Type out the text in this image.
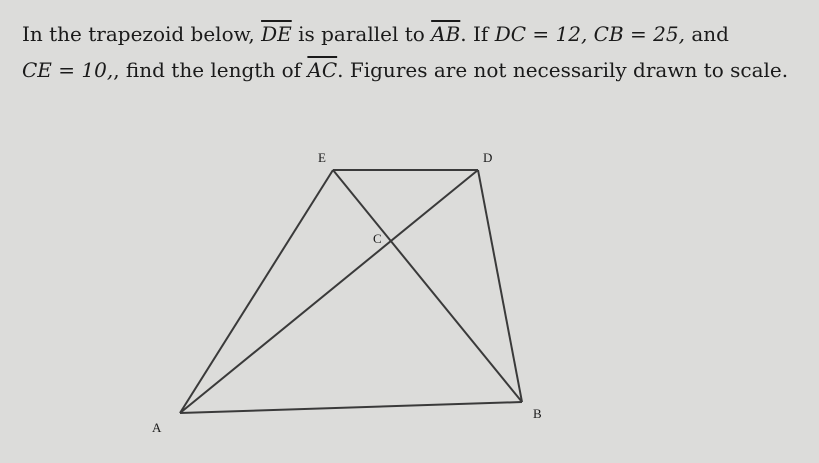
In the trapezoid below, $\overline{DE}$ is parallel to $\overline{AB}$. If DC = 12, CB = 25, and
CE = 10,, find the length of $\overline{AC}$. Figures are not necessarily drawn to scale.
E	D
C
A
B
